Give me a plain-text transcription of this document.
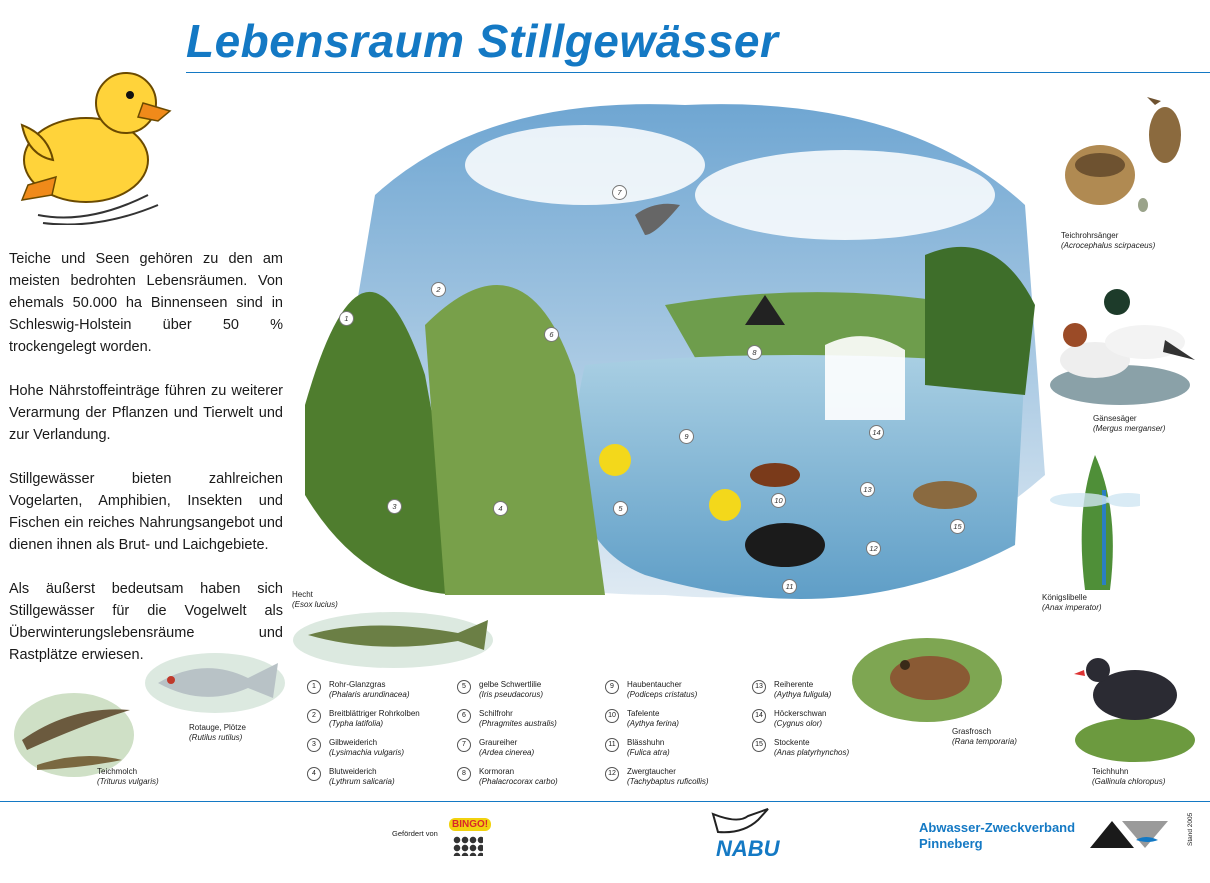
Lebensraum Stillgewässer

Teiche und Seen gehören zu den am meisten bedrohten Lebensräumen. Von ehemals 50.000 ha Binnenseen sind in Schleswig-Holstein über 50 % trockengelegt worden.

Hohe Nährstoffeinträge führen zu weiterer Verarmung der Pflanzen und Tierwelt und zur Verlandung.

Stillgewässer bieten zahlreichen Vogelarten, Amphibien, Insekten und Fischen ein reiches Nahrungsangebot und dienen ihnen als Brut- und Laichgebiete.

Als äußerst bedeutsam haben sich Stillgewässer für die Vogelwelt als Überwinterungslebensräume und Rastplätze erwiesen.

1
2
3	4	5
6
7
8
9
10
11
12
13
14
15
Teichrohrsänger
(Acrocephalus scirpaceus)
Gänsesäger
(Mergus merganser)
Königslibelle
(Anax imperator)
Hecht
(Esox lucius)
Rotauge, Plötze
(Rutilus rutilus)
Teichmolch
(Triturus vulgaris)
Grasfrosch
(Rana temporaria)
Teichhuhn
(Gallinula chloropus)
1	Rohr-Glanzgras
(Phalaris arundinacea)
2	Breitblättriger Rohrkolben
(Typha latifolia)
3	Gilbweiderich
(Lysimachia vulgaris)
4	Blutweiderich
(Lythrum salicaria)
5	gelbe Schwertlilie
(Iris pseudacorus)
6	Schilfrohr
(Phragmites australis)
7	Graureiher
(Ardea cinerea)
8	Kormoran
(Phalacrocorax carbo)
9	Haubentaucher
(Podiceps cristatus)
10	Tafelente
(Aythya ferina)
11	Blässhuhn
(Fulica atra)
12	Zwergtaucher
(Tachybaptus ruficollis)
13	Reiherente
(Aythya fuligula)
14	Höckerschwan
(Cygnus olor)
15	Stockente
(Anas platyrhynchos)
Gefördert von
BINGO!
NABU
Abwasser-Zweckverband
Pinneberg	Stand 2005
